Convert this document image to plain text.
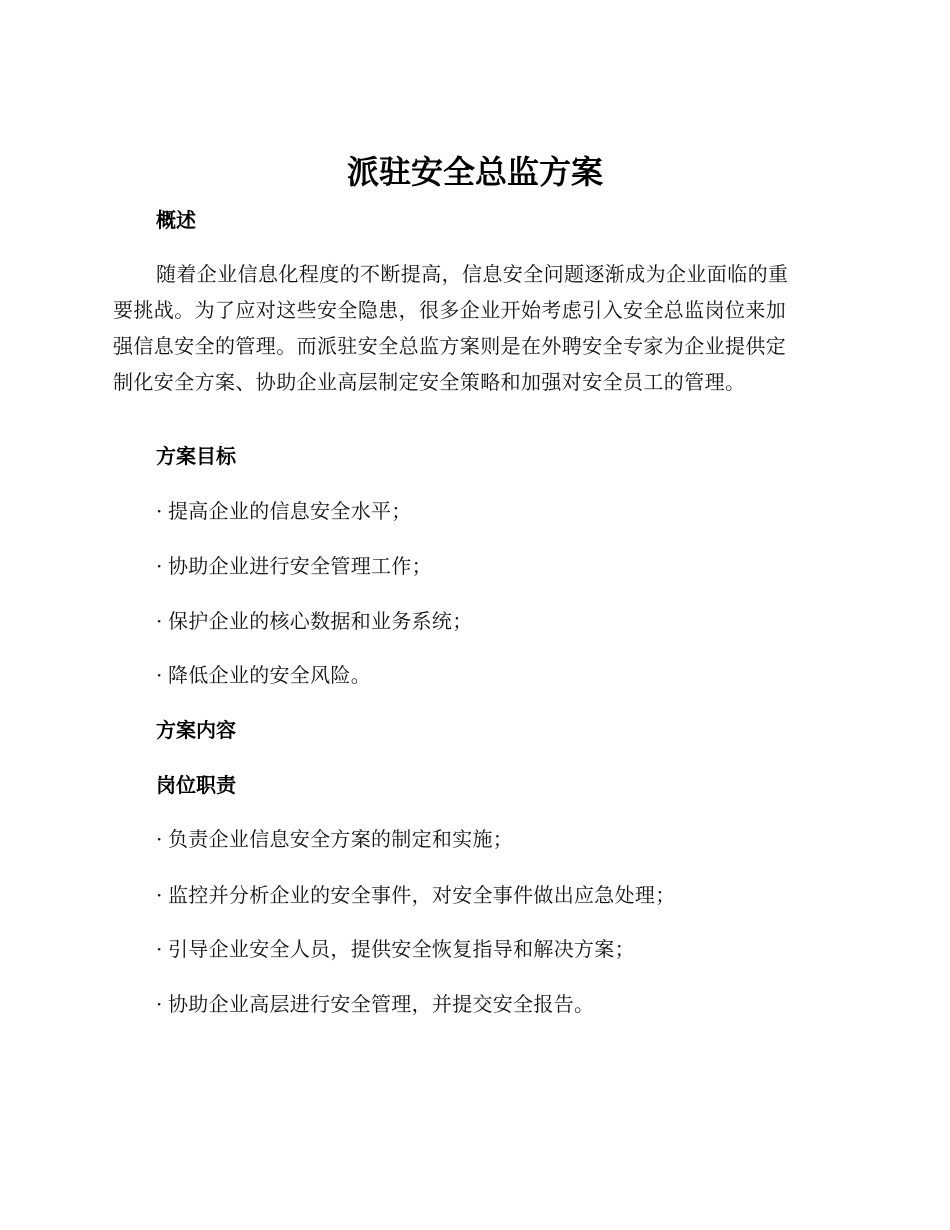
派驻安全总监方案
概述
随着企业信息化程度的不断提高，信息安全问题逐渐成为企业面临的重
要挑战。为了应对这些安全隐患，很多企业开始考虑引入安全总监岗位来加
强信息安全的管理。而派驻安全总监方案则是在外聘安全专家为企业提供定
制化安全方案、协助企业高层制定安全策略和加强对安全员工的管理。
方案目标

· 提高企业的信息安全水平；

· 协助企业进行安全管理工作；

· 保护企业的核心数据和业务系统；

· 降低企业的安全风险。

方案内容
岗位职责

· 负责企业信息安全方案的制定和实施；

· 监控并分析企业的安全事件，对安全事件做出应急处理；

· 引导企业安全人员，提供安全恢复指导和解决方案；

· 协助企业高层进行安全管理，并提交安全报告。
